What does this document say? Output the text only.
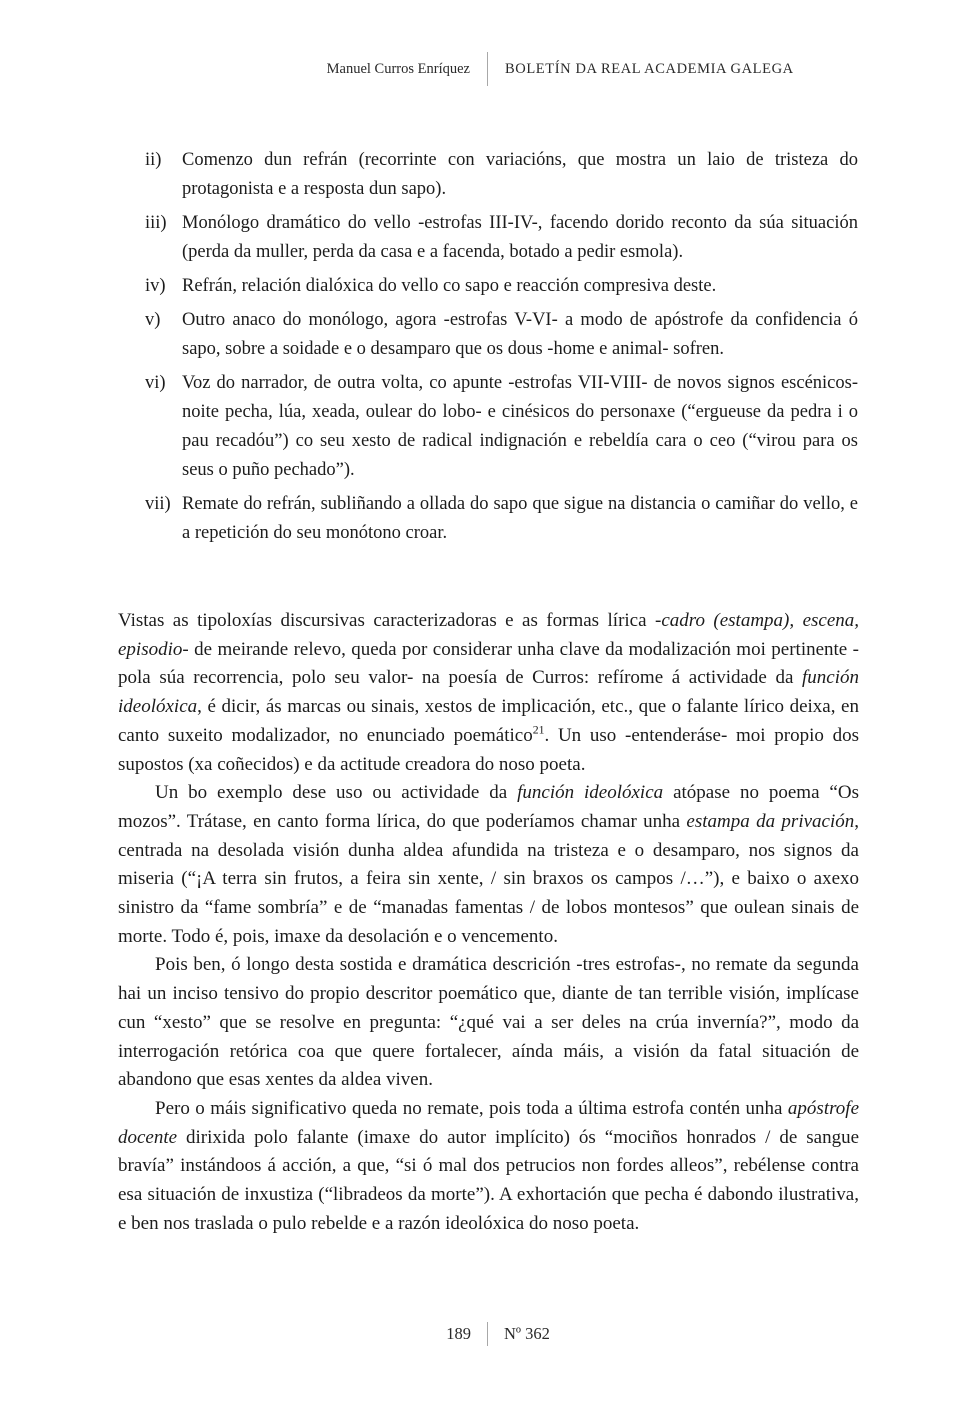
Manuel Curros Enríquez	BOLETÍN DA REAL ACADEMIA GALEGA
ii)	Comenzo dun refrán (recorrinte con variacións, que mostra un laio de tristeza do protagonista e a resposta dun sapo).
iii) Monólogo dramático do vello -estrofas III-IV-, facendo dorido reconto da súa situación (perda da muller, perda da casa e a facenda, botado a pedir esmola).
iv) Refrán, relación dialóxica do vello co sapo e reacción compresiva deste.
v)	Outro anaco do monólogo, agora -estrofas V-VI- a modo de apóstrofe da confidencia ó sapo, sobre a soidade e o desamparo que os dous -home e animal- sofren.
vi) Voz do narrador, de outra volta, co apunte -estrofas VII-VIII- de novos signos escénicos- noite pecha, lúa, xeada, oulear do lobo- e cinésicos do personaxe (“ergueuse da pedra i o pau recadóu”) co seu xesto de radical indignación e rebeldía cara o ceo (“virou para os seus o puño pechado”).
vii) Remate do refrán, subliñando a ollada do sapo que sigue na distancia o camiñar do vello, e a repetición do seu monótono croar.

Vistas as tipoloxías discursivas caracterizadoras e as formas lírica -cadro (estampa), escena, episodio- de meirande relevo, queda por considerar unha clave da modalización moi pertinente -pola súa recorrencia, polo seu valor- na poesía de Curros: refírome á actividade da función ideolóxica, é dicir, ás marcas ou sinais, xestos de implicación, etc., que o falante lírico deixa, en canto suxeito modalizador, no enunciado poemático$^{21}$. Un uso -entenderáse- moi propio dos supostos (xa coñecidos) e da actitude creadora do noso poeta.

Un bo exemplo dese uso ou actividade da función ideolóxica atópase no poema “Os mozos”. Trátase, en canto forma lírica, do que poderíamos chamar unha estampa da privación, centrada na desolada visión dunha aldea afundida na tristeza e o desamparo, nos signos da miseria (“¡A terra sin frutos, a feira sin xente, / sin braxos os campos /…”), e baixo o axexo sinistro da “fame sombría” e de “manadas famentas / de lobos montesos” que oulean sinais de morte. Todo é, pois, imaxe da desolación e o vencemento.

Pois ben, ó longo desta sostida e dramática descrición -tres estrofas-, no remate da segunda hai un inciso tensivo do propio descritor poemático que, diante de tan terrible visión, implícase cun “xesto” que se resolve en pregunta: “¿qué vai a ser deles na crúa invernía?”, modo da interrogación retórica coa que quere fortalecer, aínda máis, a visión da fatal situación de abandono que esas xentes da aldea viven.

Pero o máis significativo queda no remate, pois toda a última estrofa contén unha apóstrofe docente dirixida polo falante (imaxe do autor implícito) ós “mociños honrados / de sangue bravía” instándoos á acción, a que, “si ó mal dos petrucios non fordes alleos”, rebélense contra esa situación de inxustiza (“libradeos da morte”). A exhortación que pecha é dabondo ilustrativa, e ben nos traslada o pulo rebelde e a razón ideolóxica do noso poeta.

189	Nº 362
